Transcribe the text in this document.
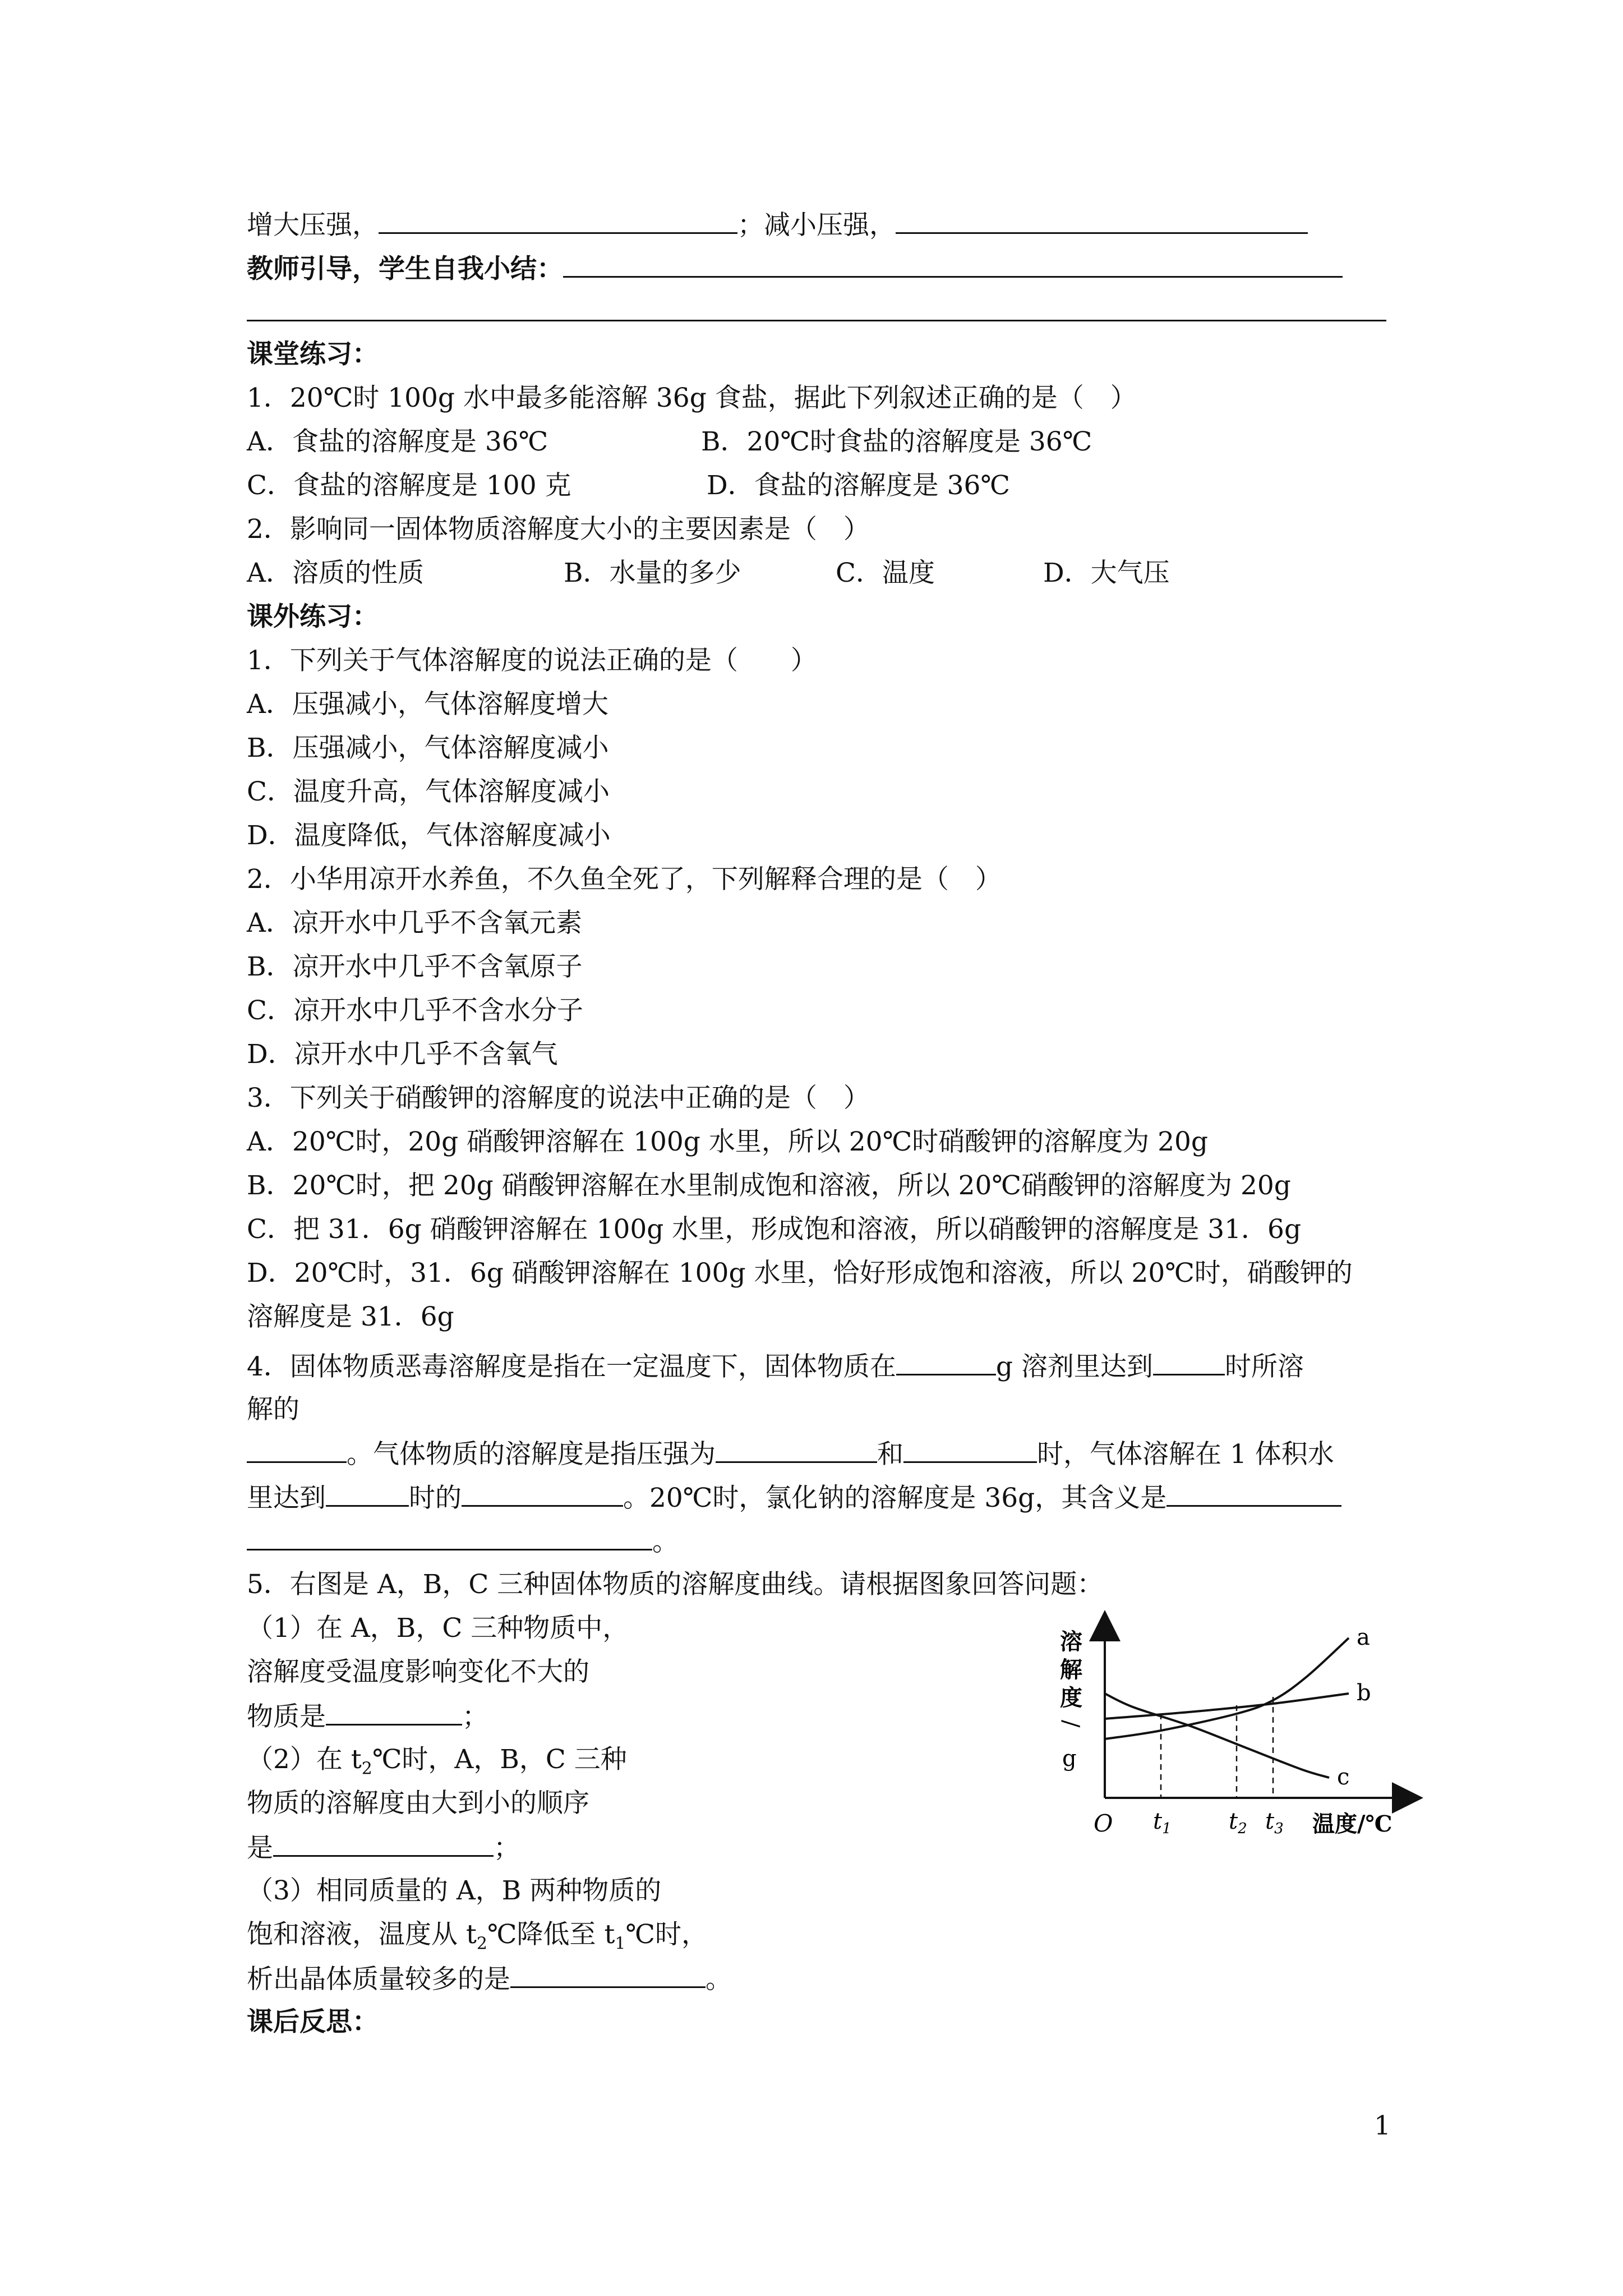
增大压强，	；减小压强，
教师引导，学生自我小结：
课堂练习：
1．20℃时 100g 水中最多能溶解 36g 食盐，据此下列叙述正确的是（　）
A．食盐的溶解度是 36℃	B．20℃时食盐的溶解度是 36℃
C．食盐的溶解度是 100 克	D．食盐的溶解度是 36℃
2．影响同一固体物质溶解度大小的主要因素是（　）
A．溶质的性质	B．水量的多少	C．温度	D．大气压
课外练习：
1．下列关于气体溶解度的说法正确的是（　　）
A．压强减小，气体溶解度增大
B．压强减小，气体溶解度减小
C．温度升高，气体溶解度减小
D．温度降低，气体溶解度减小
2．小华用凉开水养鱼，不久鱼全死了，下列解释合理的是（　）
A．凉开水中几乎不含氧元素
B．凉开水中几乎不含氧原子
C．凉开水中几乎不含水分子
D．凉开水中几乎不含氧气
3．下列关于硝酸钾的溶解度的说法中正确的是（　）
A．20℃时，20g 硝酸钾溶解在 100g 水里，所以 20℃时硝酸钾的溶解度为 20g
B．20℃时，把 20g 硝酸钾溶解在水里制成饱和溶液，所以 20℃硝酸钾的溶解度为 20g
C．把 31．6g 硝酸钾溶解在 100g 水里，形成饱和溶液，所以硝酸钾的溶解度是 31．6g
D．20℃时，31．6g 硝酸钾溶解在 100g 水里，恰好形成饱和溶液，所以 20℃时，硝酸钾的
溶解度是 31．6g
4．固体物质恶毒溶解度是指在一定温度下，固体物质在	g 溶剂里达到	时所溶
解的
。气体物质的溶解度是指压强为	和	时，气体溶解在 1 体积水
里达到	时的	。20℃时，氯化钠的溶解度是 36g，其含义是
。
5．右图是 A，B，C 三种固体物质的溶解度曲线。请根据图象回答问题：
（1）在 A，B，C 三种物质中，
溶解度受温度影响变化不大的
物质是	；
（2）在 $t_2℃$时，A，B，C 三种
物质的溶解度由大到小的顺序
是	；
（3）相同质量的 A，B 两种物质的
饱和溶液，温度从 $t_2℃$降低至 $t_1℃$时，
析出晶体质量较多的是	。
课后反思：
溶
解
度
/
g
O	温度/℃
$t_1$	$t_2$ $t_3$
a
b
c
1
